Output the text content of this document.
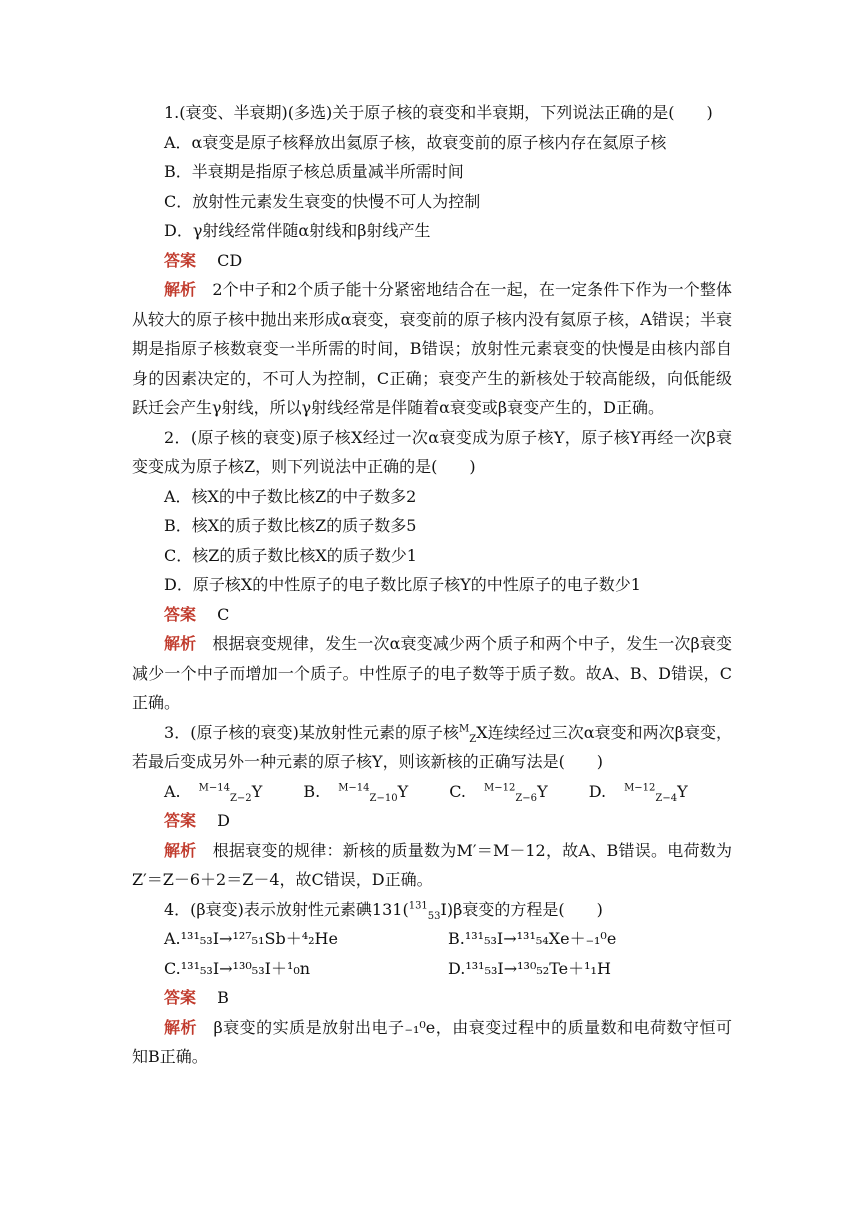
1.(衰变、半衰期)(多选)关于原子核的衰变和半衰期，下列说法正确的是(　　)

A．α衰变是原子核释放出氦原子核，故衰变前的原子核内存在氦原子核

B．半衰期是指原子核总质量减半所需时间

C．放射性元素发生衰变的快慢不可人为控制

D．γ射线经常伴随α射线和β射线产生

答案　 CD

解析　 2个中子和2个质子能十分紧密地结合在一起，在一定条件下作为一个整体从较大的原子核中抛出来形成α衰变，衰变前的原子核内没有氦原子核，A错误；半衰期是指原子核数衰变一半所需的时间，B错误；放射性元素衰变的快慢是由核内部自身的因素决定的，不可人为控制，C正确；衰变产生的新核处于较高能级，向低能级跃迁会产生γ射线，所以γ射线经常是伴随着α衰变或β衰变产生的，D正确。

2．(原子核的衰变)原子核X经过一次α衰变成为原子核Y，原子核Y再经一次β衰变变成为原子核Z，则下列说法中正确的是(　　)

A．核X的中子数比核Z的中子数多2

B．核X的质子数比核Z的质子数多5

C．核Z的质子数比核X的质子数少1

D．原子核X的中性原子的电子数比原子核Y的中性原子的电子数少1

答案　 C

解析　 根据衰变规律，发生一次α衰变减少两个质子和两个中子，发生一次β衰变减少一个中子而增加一个质子。中性原子的电子数等于质子数。故A、B、D错误，C正确。

3．(原子核的衰变)某放射性元素的原子核$^M_Z$X连续经过三次α衰变和两次β衰变，若最后变成另外一种元素的原子核Y，则该新核的正确写法是(　　)

A. $^{M-14}_{Z-2}$Y	B. $^{M-14}_{Z-10}$Y	C. $^{M-12}_{Z-6}$Y	D. $^{M-12}_{Z-4}$Y

答案　 D

解析　 根据衰变的规律：新核的质量数为M′＝M－12，故A、B错误。电荷数为Z′＝Z－6＋2＝Z－4，故C错误，D正确。

4．(β衰变)表示放射性元素碘131($^{131}_{53}$I)β衰变的方程是(　　)

A.¹³¹₅₃I→¹²⁷₅₁Sb＋⁴₂He	B.¹³¹₅₃I→¹³¹₅₄Xe＋₋₁⁰e
C.¹³¹₅₃I→¹³⁰₅₃I＋¹₀n	D.¹³¹₅₃I→¹³⁰₅₂Te＋¹₁H

答案　 B

解析　 β衰变的实质是放射出电子₋₁⁰e，由衰变过程中的质量数和电荷数守恒可知B正确。
